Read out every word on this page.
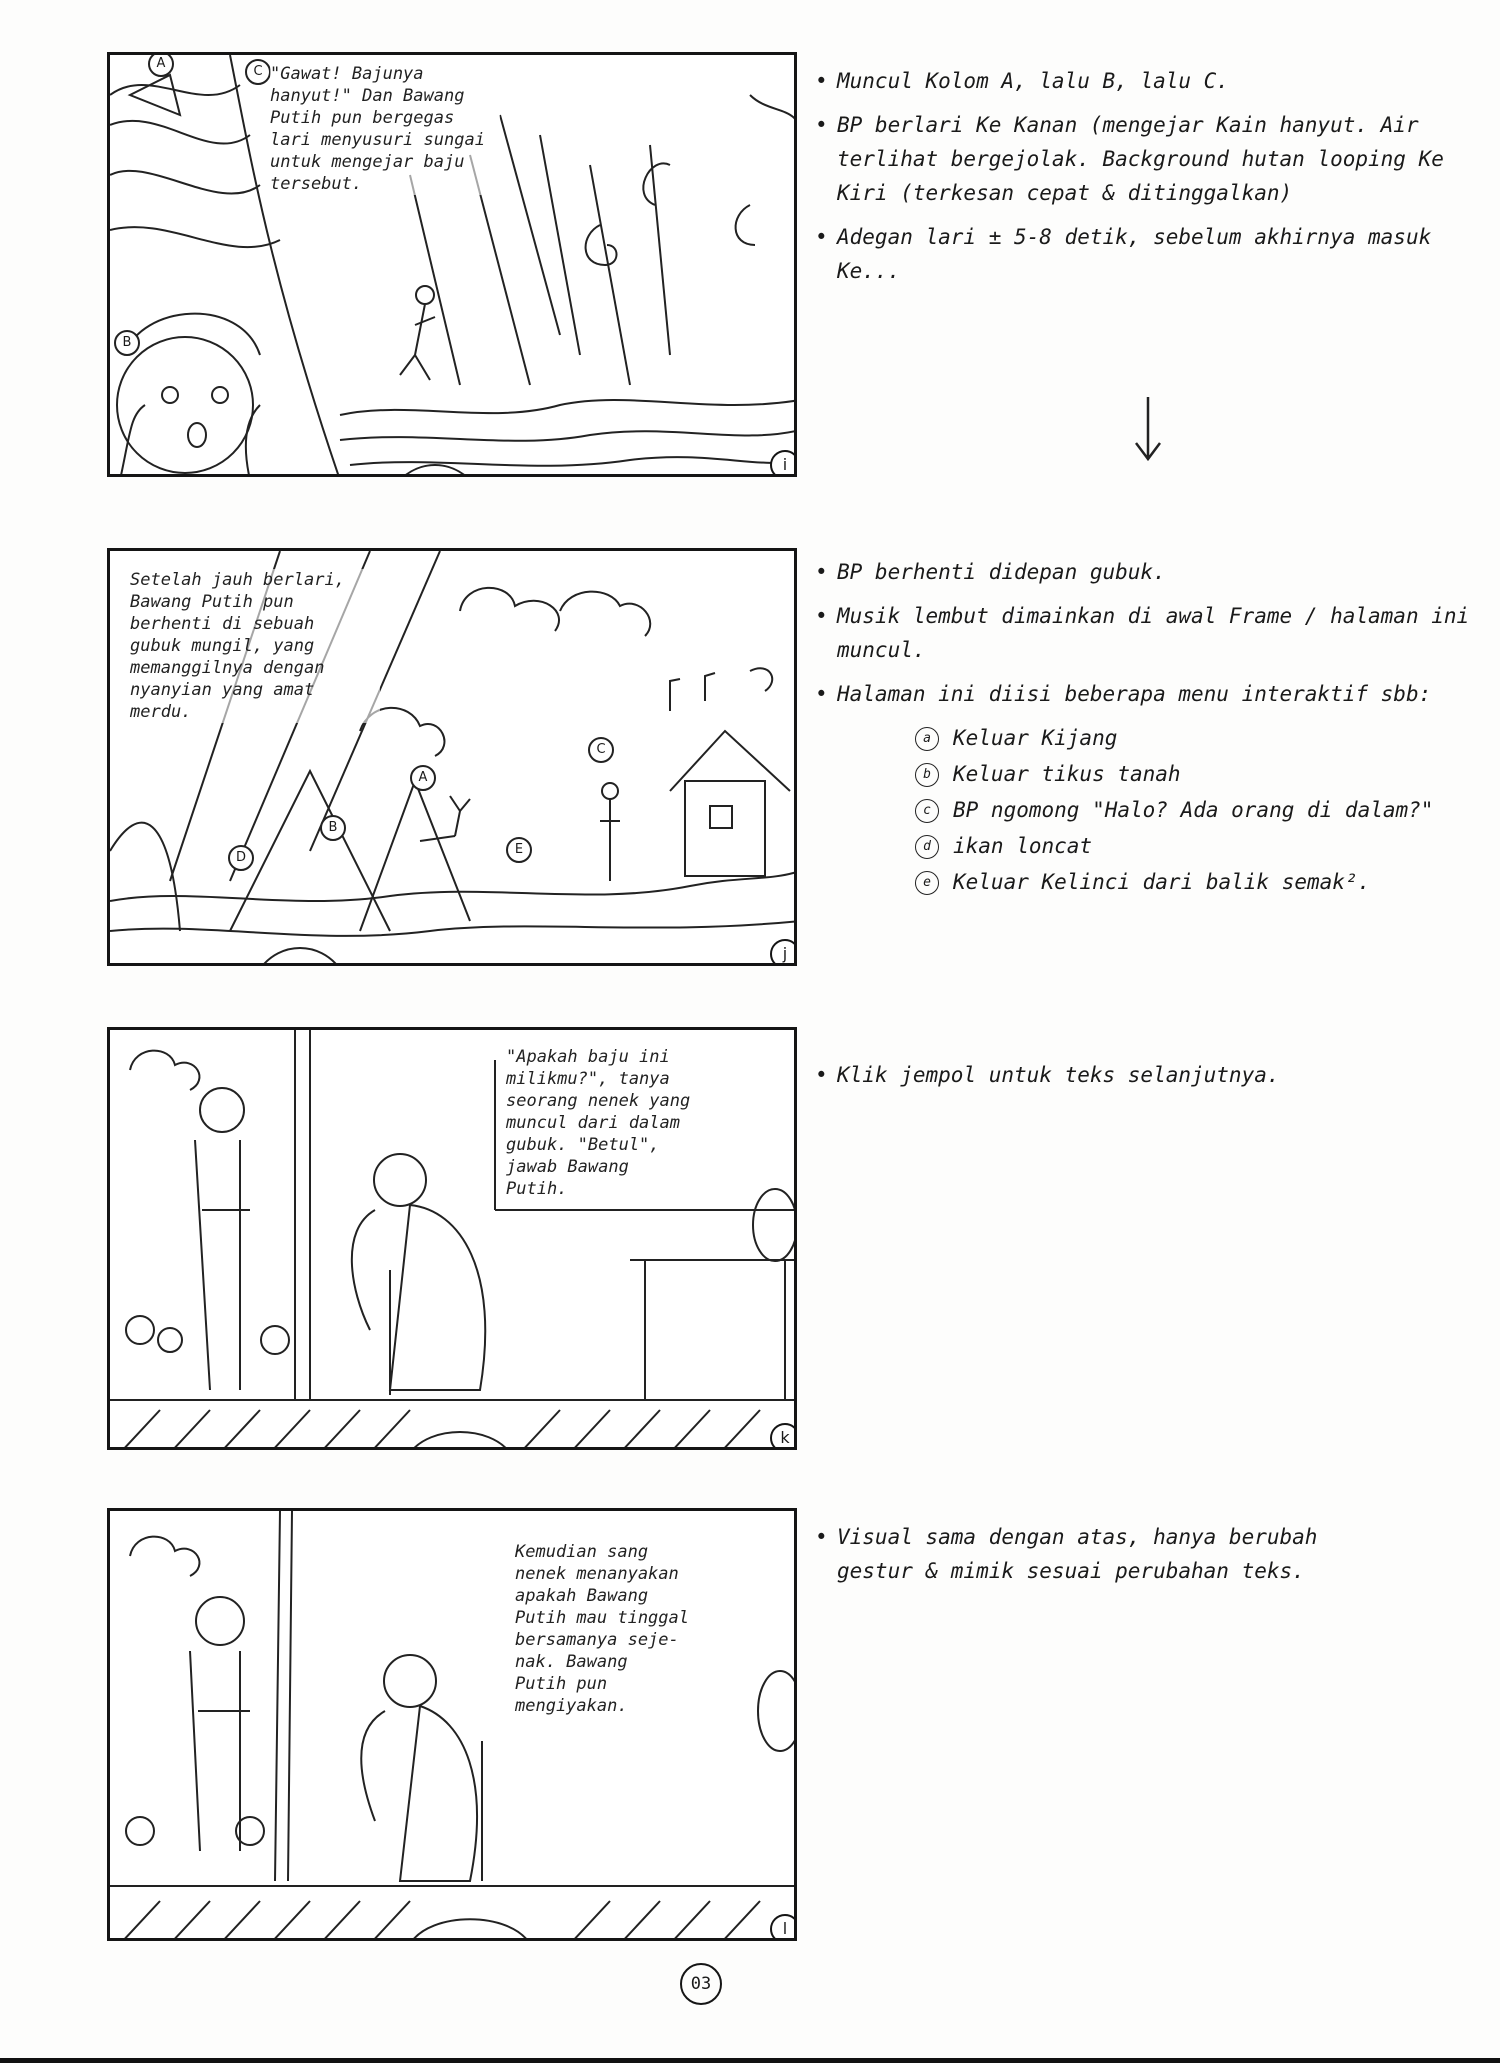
A
B
C "Gawat! Bajunya
hanyut!" Dan Bawang
Putih pun bergegas
lari menyusuri sungai
untuk mengejar baju
tersebut.
i
A
B
C
D
E
Setelah jauh berlari,
Bawang Putih pun
berhenti di sebuah
gubuk mungil, yang
memanggilnya dengan
nyanyian yang amat
merdu.
j
"Apakah baju ini
milikmu?", tanya
seorang nenek yang
muncul dari dalam
gubuk. "Betul",
jawab Bawang
Putih.
k
Kemudian sang
nenek menanyakan
apakah Bawang
Putih mau tinggal
bersamanya seje-
nak. Bawang
Putih pun
mengiyakan.
l
• Muncul Kolom A, lalu B, lalu C.
• BP berlari Ke Kanan (mengejar Kain hanyut. Air terlihat bergejolak. Background hutan looping Ke Kiri (terkesan cepat & ditinggalkan)
• Adegan lari ± 5-8 detik, sebelum akhirnya masuk Ke...
• BP berhenti didepan gubuk.
• Musik lembut dimainkan di awal Frame / halaman ini muncul.
• Halaman ini diisi beberapa menu interaktif sbb:
a Keluar Kijang
b Keluar tikus tanah
c BP ngomong "Halo? Ada orang di dalam?"
d ikan loncat
e Keluar Kelinci dari balik semak².
• Klik jempol untuk teks selanjutnya.
• Visual sama dengan atas, hanya berubah gestur & mimik sesuai perubahan teks.
03
